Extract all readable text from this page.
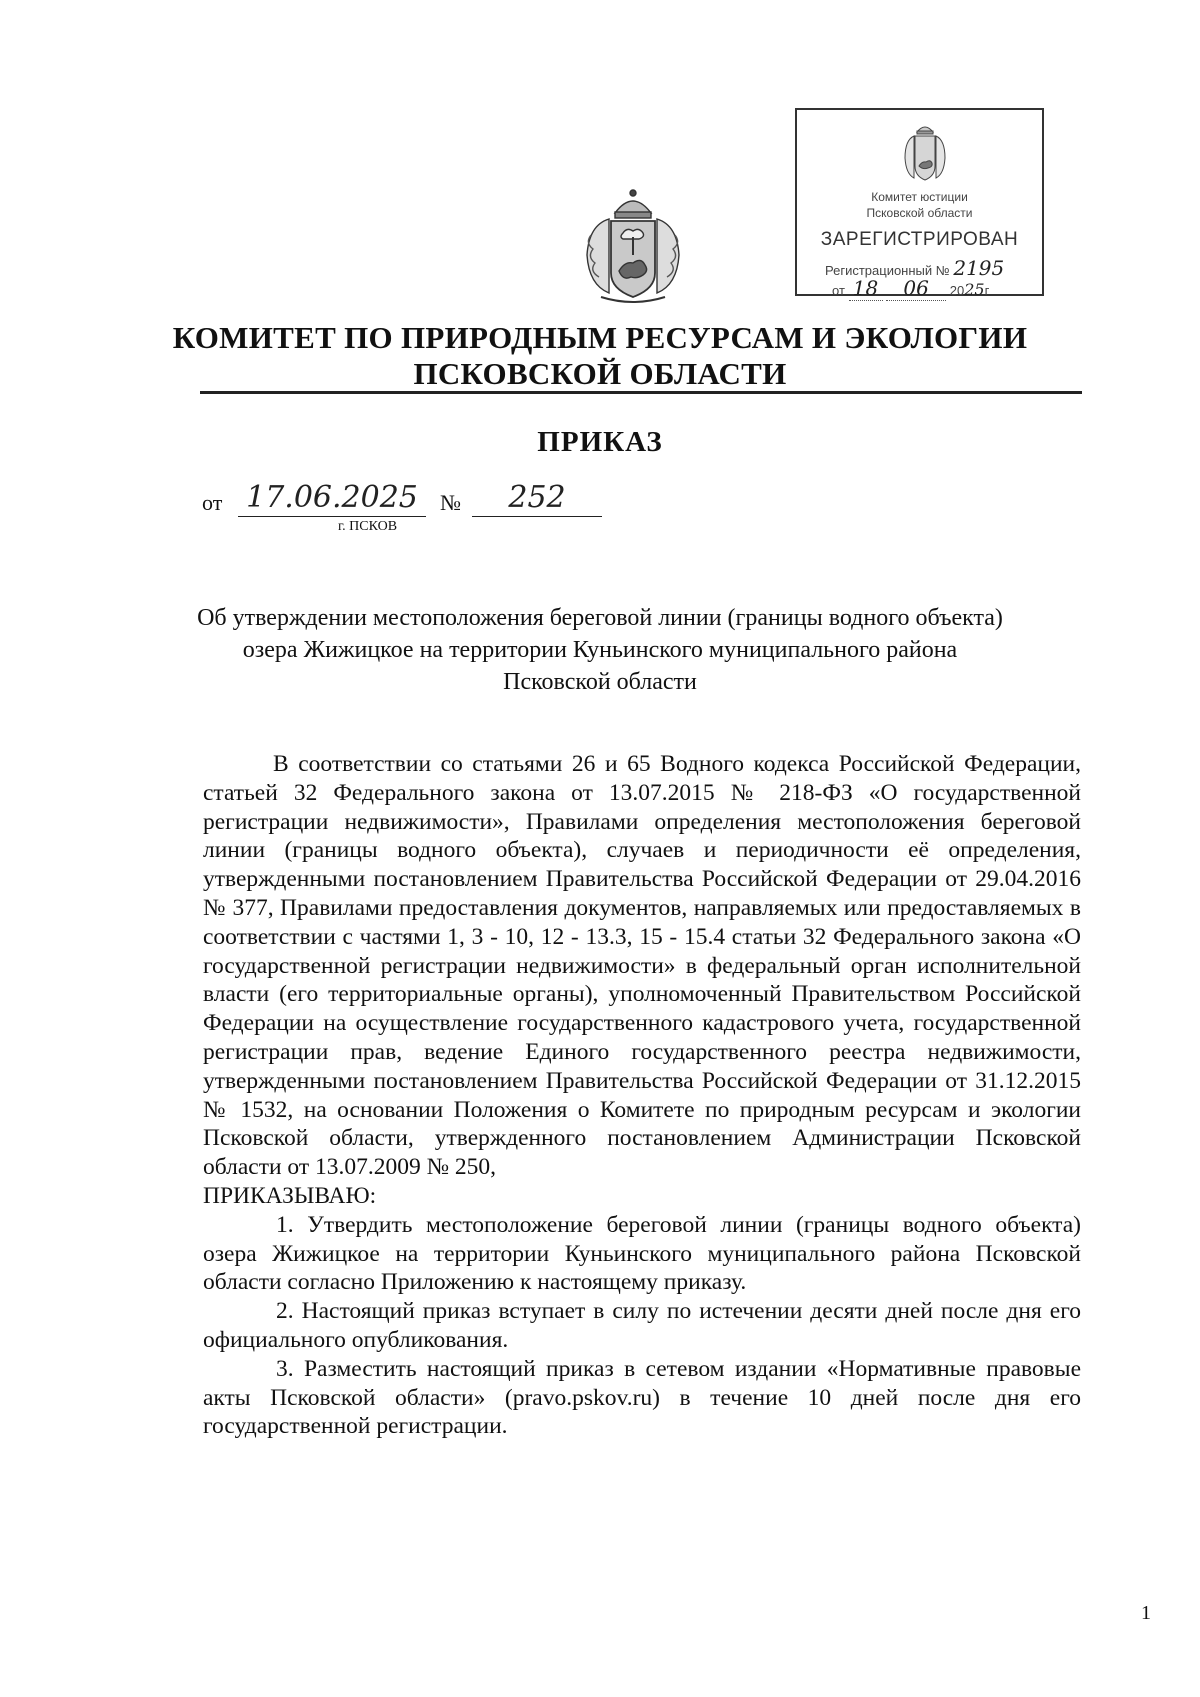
Комитет юстиции
Псковской области
ЗАРЕГИСТРИРОВАН
Регистрационный № 2195
от 18 06 2025г
КОМИТЕТ ПО ПРИРОДНЫМ РЕСУРСАМ И ЭКОЛОГИИ
ПСКОВСКОЙ ОБЛАСТИ
ПРИКАЗ
от 17.06.2025	№	252
г. ПСКОВ
Об утверждении местоположения береговой линии (границы водного объекта)
озера Жижицкое на территории Куньинского муниципального района
Псковской области

В соответствии со статьями 26 и 65 Водного кодекса Российской Федерации, статьей 32 Федерального закона от 13.07.2015 № 218-ФЗ «О государственной регистрации недвижимости», Правилами определения местоположения береговой линии (границы водного объекта), случаев и периодичности её определения, утвержденными постановлением Правительства Российской Федерации от 29.04.2016 № 377, Правилами предоставления документов, направляемых или предоставляемых в соответствии с частями 1, 3 - 10, 12 - 13.3, 15 - 15.4 статьи 32 Федерального закона «О государственной регистрации недвижимости» в федеральный орган исполнительной власти (его территориальные органы), уполномоченный Правительством Российской Федерации на осуществление государственного кадастрового учета, государственной регистрации прав, ведение Единого государственного реестра недвижимости, утвержденными постановлением Правительства Российской Федерации от 31.12.2015 № 1532, на основании Положения о Комитете по природным ресурсам и экологии Псковской области, утвержденного постановлением Администрации Псковской области от 13.07.2009 № 250,

ПРИКАЗЫВАЮ:

1. Утвердить местоположение береговой линии (границы водного объекта) озера Жижицкое на территории Куньинского муниципального района Псковской области согласно Приложению к настоящему приказу.

2. Настоящий приказ вступает в силу по истечении десяти дней после дня его официального опубликования.

3. Разместить настоящий приказ в сетевом издании «Нормативные правовые акты Псковской области» (pravo.pskov.ru) в течение 10 дней после дня его государственной регистрации.

1
